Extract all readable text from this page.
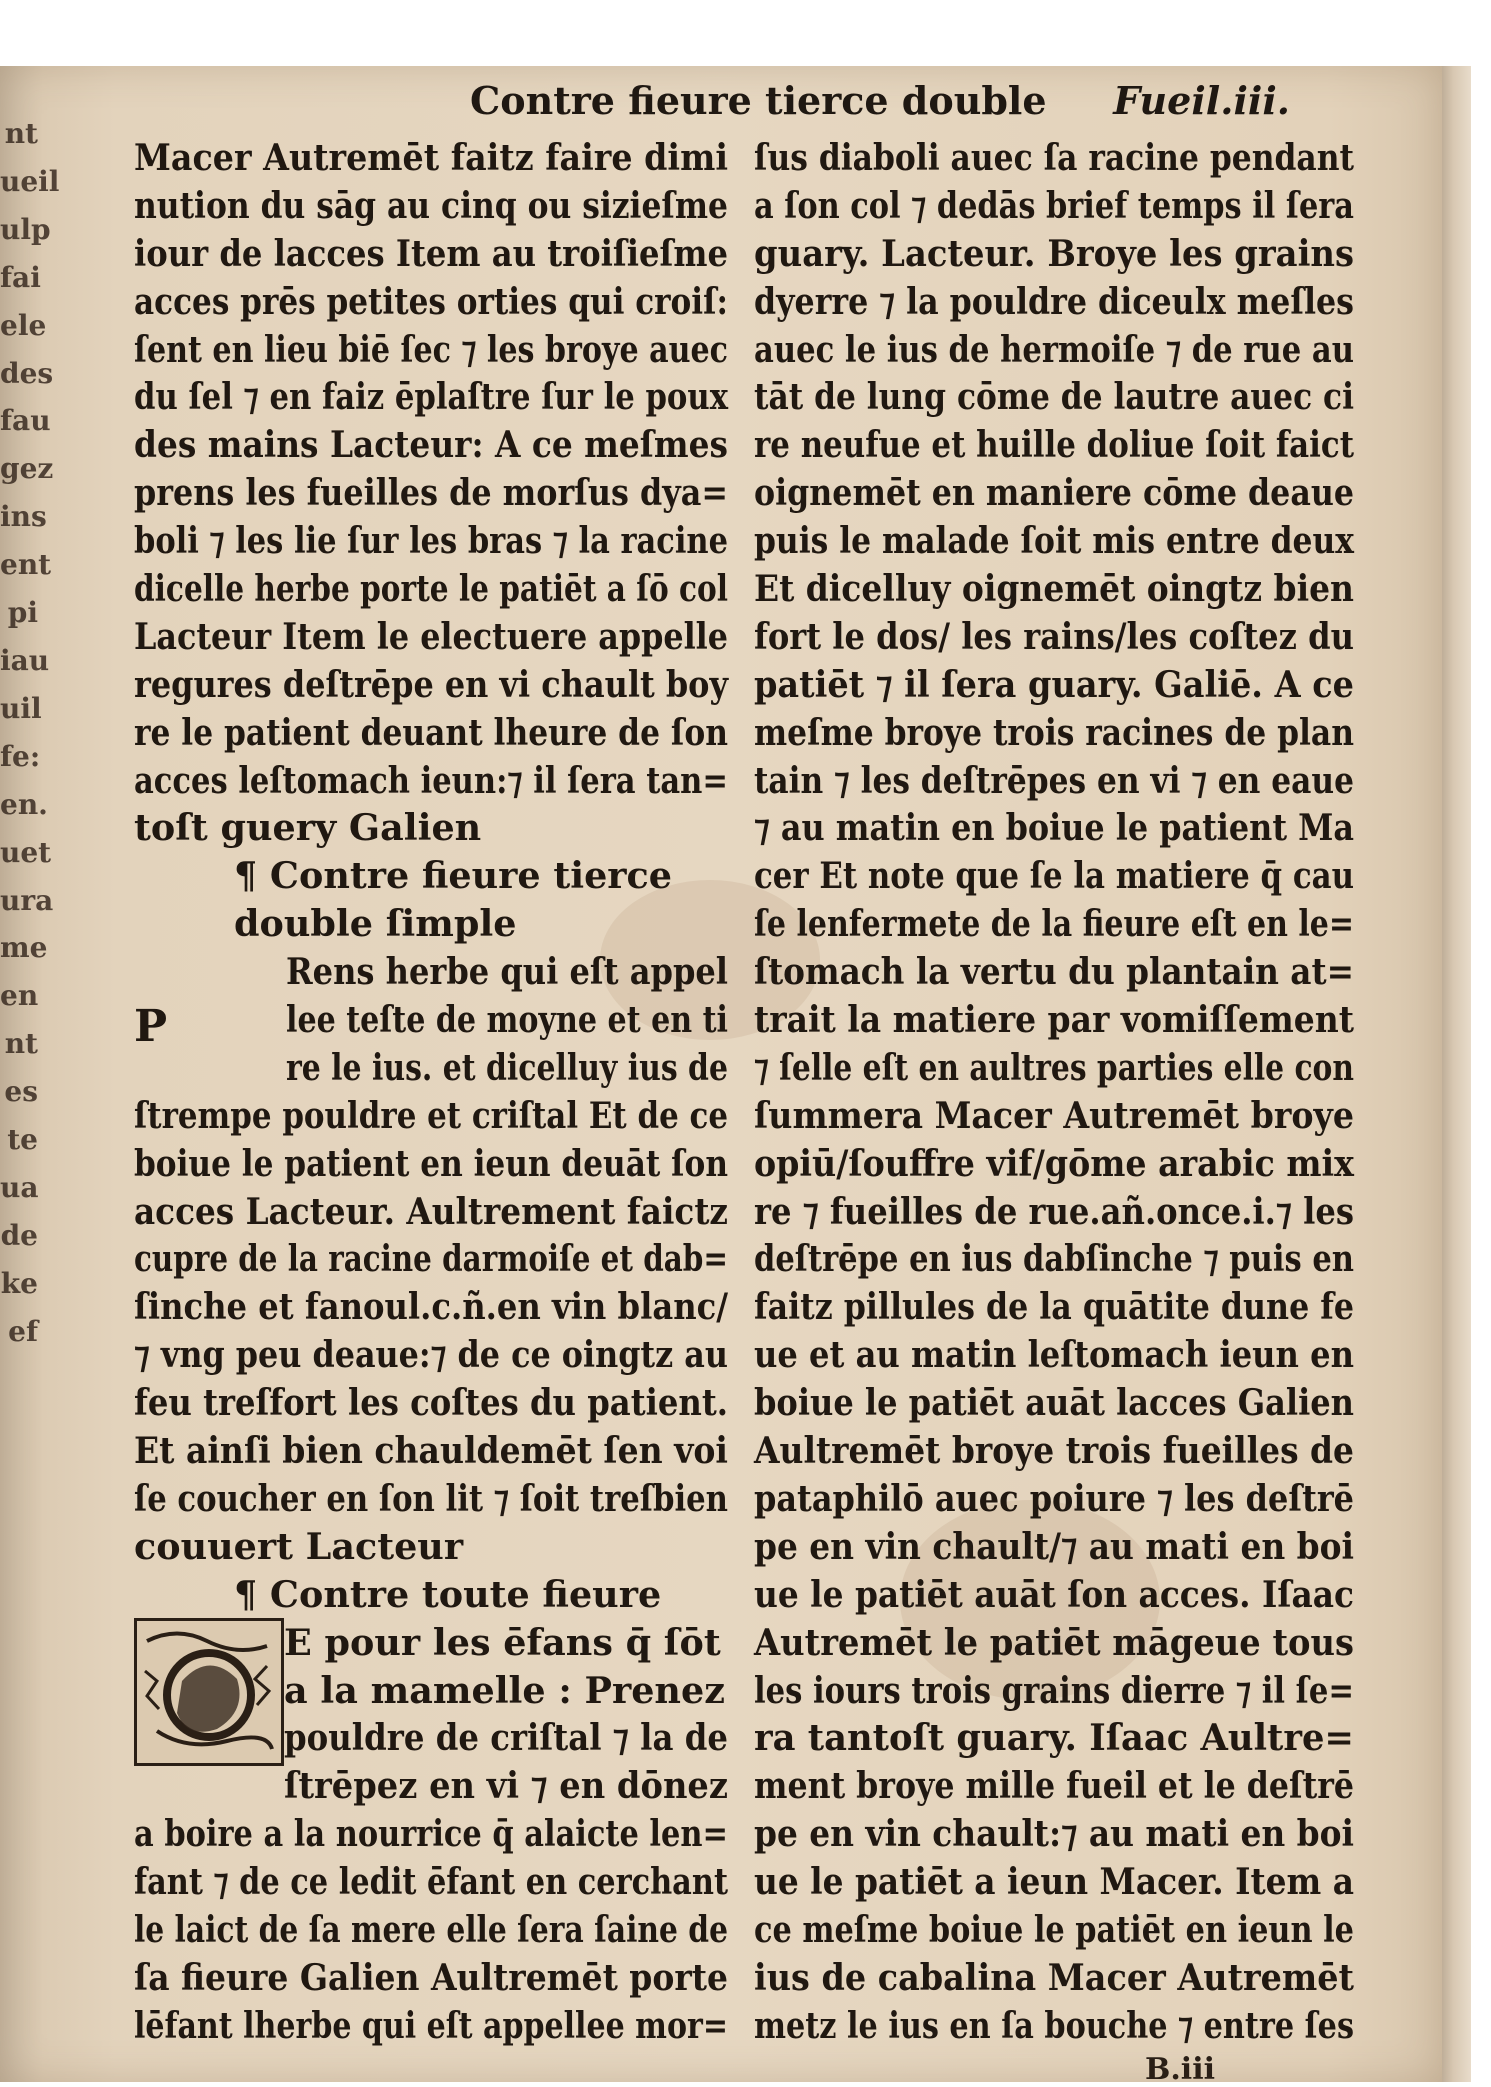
nt
ueil
ulp
fai
ele
des
fau
gez
ins
ent
pi
iau
uil
fe:
en.
uet
ura
me
en
nt
es
te
ua
de
ke
ef
Contre fieure tierce double Fueil.iii.
Macer Autremēt faitz faire dimi
nution du sāg au cinq ou sizieſme
iour de lacces Item au troiſieſme
acces prēs petites orties qui croiſ:
ſent en lieu biē ſec ⁊ les broye auec
du ſel ⁊ en faiz ēplaſtre ſur le poux
des mains Lacteur: A ce meſmes
prens les fueilles de morſus dya=
boli ⁊ les lie ſur les bras ⁊ la racine
dicelle herbe porte le patiēt a ſō col
Lacteur Item le electuere appelle
regures deſtrēpe en vi chault boy
re le patient deuant lheure de ſon
acces leſtomach ieun:⁊ il ſera tan=
toſt guery Galien
¶ Contre fieure tierce
double ſimple
Rens herbe qui eſt appel
lee teſte de moyne et en ti
re le ius. et dicelluy ius de
ſtrempe pouldre et criſtal Et de ce
boiue le patient en ieun deuāt ſon
acces Lacteur. Aultrement faictz
cupre de la racine darmoiſe et dab=
ſinche et fanoul.c.ñ.en vin blanc/
⁊ vng peu deaue:⁊ de ce oingtz au
feu treſfort les coſtes du patient.
Et ainſi bien chauldemēt ſen voi
ſe coucher en ſon lit ⁊ ſoit treſbien
couuert Lacteur
¶ Contre toute fieure
E pour les ēfans q̄ ſōt
a la mamelle : Prenez
pouldre de criſtal ⁊ la de
ſtrēpez en vi ⁊ en dōnez
a boire a la nourrice q̄ alaicte len=
fant ⁊ de ce ledit ēfant en cerchant
le laict de ſa mere elle ſera ſaine de
ſa fieure Galien Aultremēt porte
lēfant lherbe qui eſt appellee mor=
ſus diaboli auec ſa racine pendant
a ſon col ⁊ dedās brief temps il ſera
guary. Lacteur. Broye les grains
dyerre ⁊ la pouldre diceulx meſles
auec le ius de hermoiſe ⁊ de rue au
tāt de lung cōme de lautre auec ci
re neufue et huille doliue ſoit faict
oignemēt en maniere cōme deaue
puis le malade ſoit mis entre deux
Et dicelluy oignemēt oingtz bien
fort le dos/ les rains/les coſtez du
patiēt ⁊ il ſera guary. Galiē. A ce
meſme broye trois racines de plan
tain ⁊ les deſtrēpes en vi ⁊ en eaue
⁊ au matin en boiue le patient Ma
cer Et note que ſe la matiere q̄ cau
ſe lenfermete de la fieure eſt en le=
ſtomach la vertu du plantain at=
trait la matiere par vomiſſement
⁊ ſelle eſt en aultres parties elle con
ſummera Macer Autremēt broye
opiū/ſouffre vif/gōme arabic mix
re ⁊ fueilles de rue.añ.once.i.⁊ les
deſtrēpe en ius dabſinche ⁊ puis en
faitz pillules de la quātite dune fe
ue et au matin leſtomach ieun en
boiue le patiēt auāt lacces Galien
Aultremēt broye trois fueilles de
pataphilō auec poiure ⁊ les deſtrē
pe en vin chault/⁊ au mati en boi
ue le patiēt auāt ſon acces. Iſaac
Autremēt le patiēt māgeue tous
les iours trois grains dierre ⁊ il ſe=
ra tantoſt guary. Iſaac Aultre=
ment broye mille fueil et le deſtrē
pe en vin chault:⁊ au mati en boi
ue le patiēt a ieun Macer. Item a
ce meſme boiue le patiēt en ieun le
ius de cabalina Macer Autremēt
metz le ius en ſa bouche ⁊ entre ſes
P
B.iii
